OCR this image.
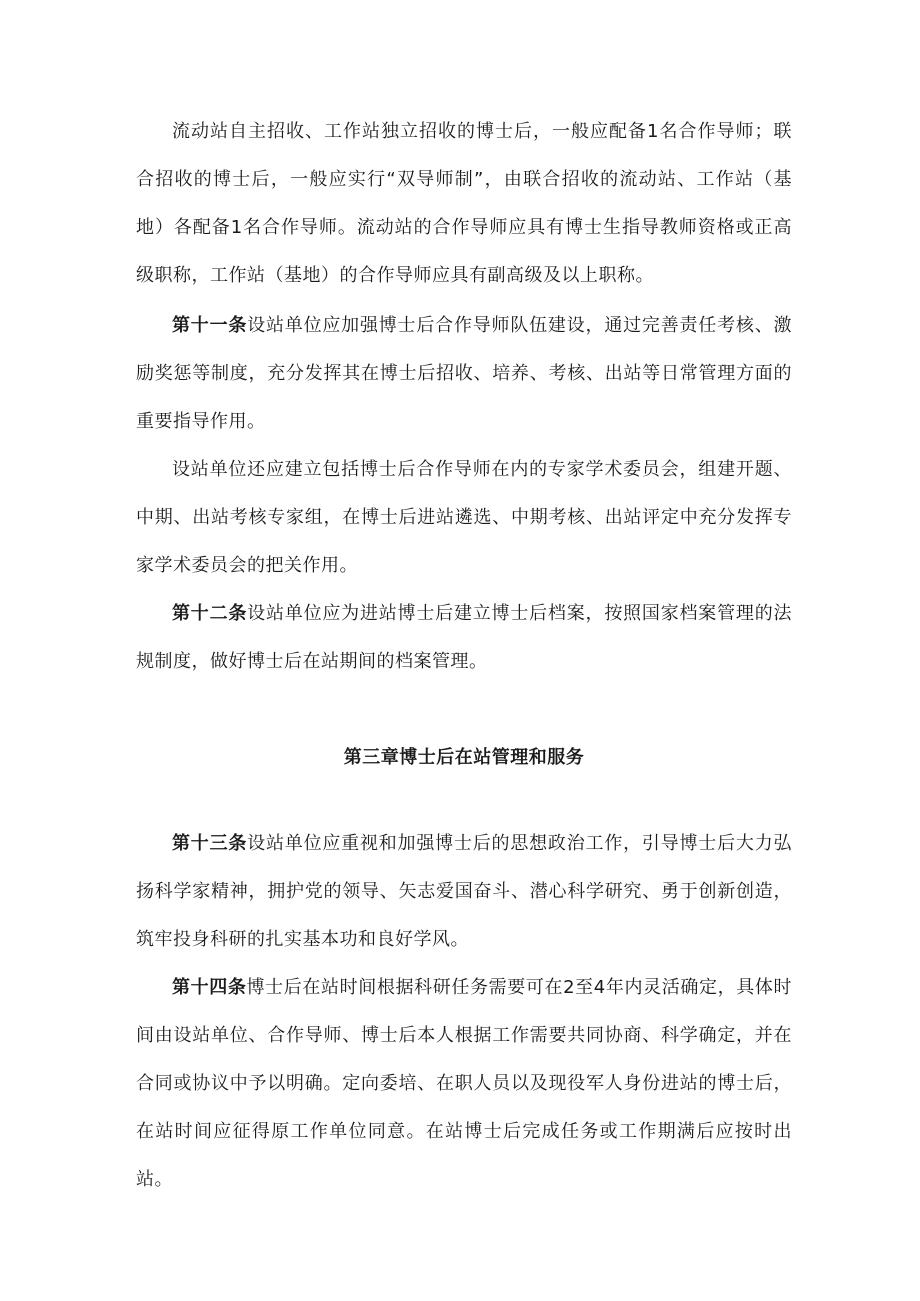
流动站自主招收、工作站独立招收的博士后，一般应配备1名合作导师；联合招收的博士后，一般应实行“双导师制”，由联合招收的流动站、工作站（基地）各配备1名合作导师。流动站的合作导师应具有博士生指导教师资格或正高级职称，工作站（基地）的合作导师应具有副高级及以上职称。

第十一条设站单位应加强博士后合作导师队伍建设，通过完善责任考核、激励奖惩等制度，充分发挥其在博士后招收、培养、考核、出站等日常管理方面的重要指导作用。

设站单位还应建立包括博士后合作导师在内的专家学术委员会，组建开题、中期、出站考核专家组，在博士后进站遴选、中期考核、出站评定中充分发挥专家学术委员会的把关作用。

第十二条设站单位应为进站博士后建立博士后档案，按照国家档案管理的法规制度，做好博士后在站期间的档案管理。

第三章博士后在站管理和服务

第十三条设站单位应重视和加强博士后的思想政治工作，引导博士后大力弘扬科学家精神，拥护党的领导、矢志爱国奋斗、潜心科学研究、勇于创新创造，筑牢投身科研的扎实基本功和良好学风。

第十四条博士后在站时间根据科研任务需要可在2至4年内灵活确定，具体时间由设站单位、合作导师、博士后本人根据工作需要共同协商、科学确定，并在合同或协议中予以明确。定向委培、在职人员以及现役军人身份进站的博士后，在站时间应征得原工作单位同意。在站博士后完成任务或工作期满后应按时出站。
